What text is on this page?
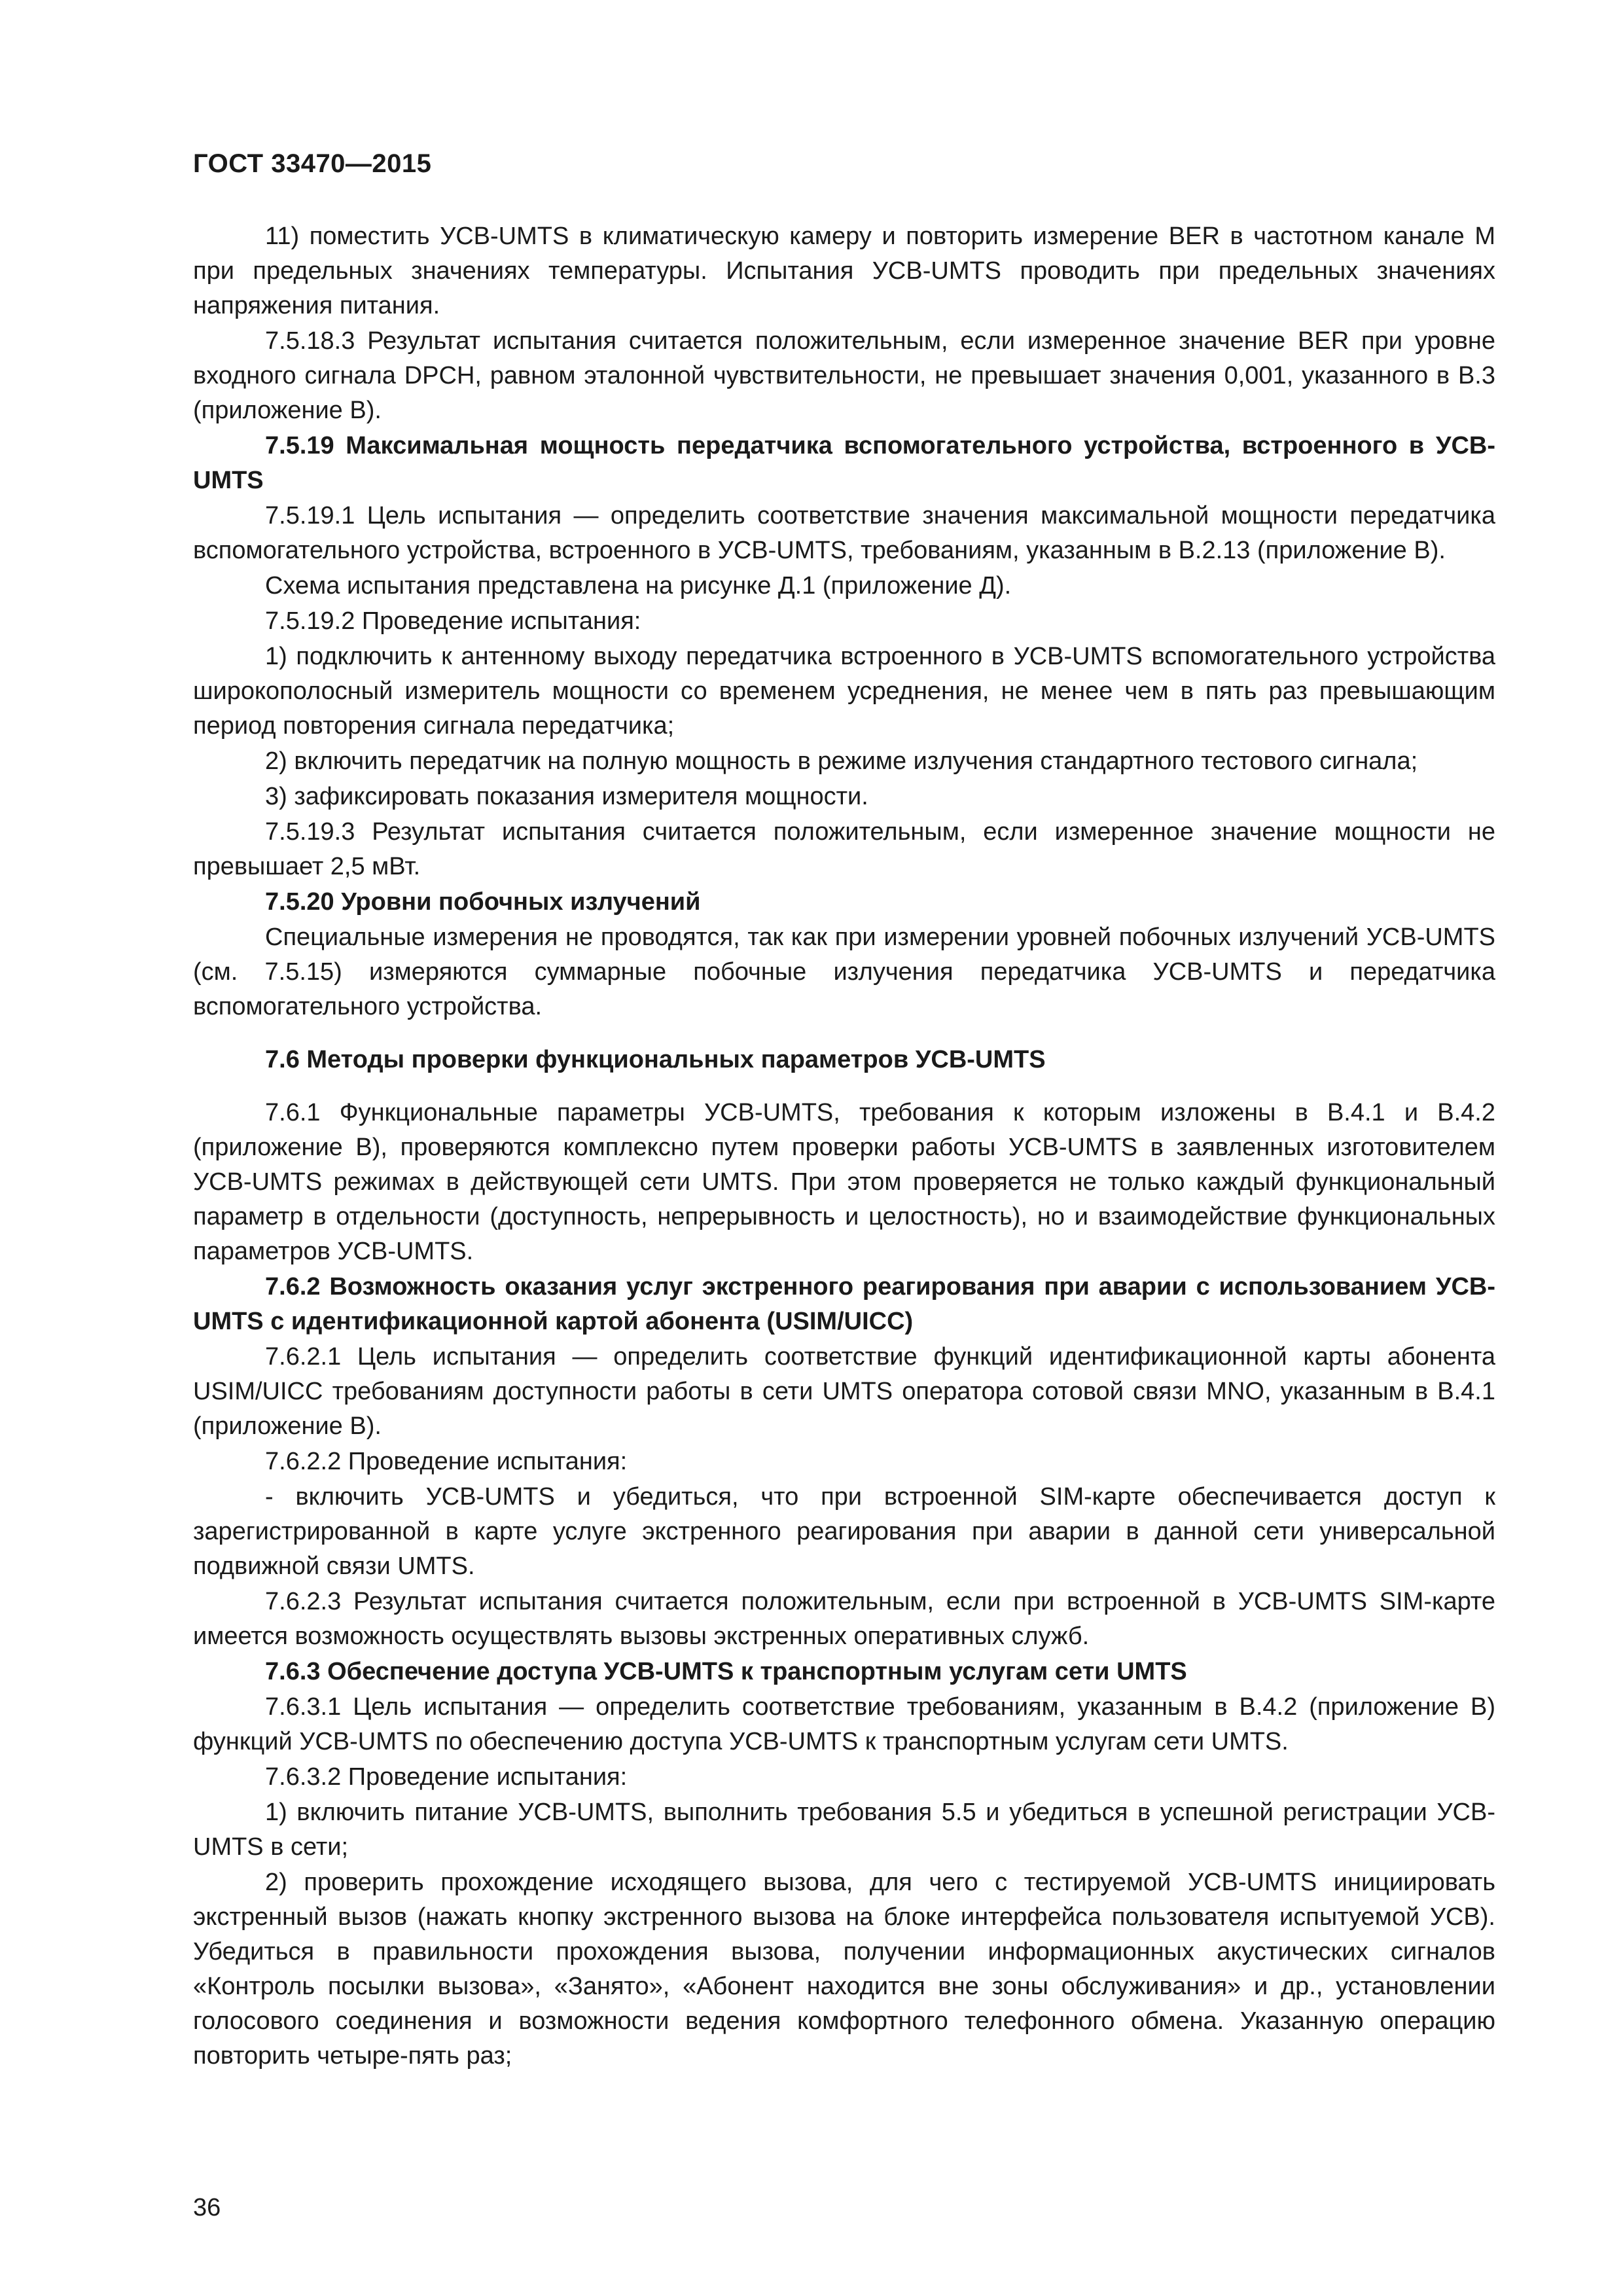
ГОСТ 33470—2015

11) поместить УСВ-UMTS в климатическую камеру и повторить измерение BER в частотном канале М при предельных значениях температуры. Испытания УСВ-UMTS проводить при предельных значениях напряжения питания.

7.5.18.3 Результат испытания считается положительным, если измеренное значение BER при уровне входного сигнала DPCH, равном эталонной чувствительности, не превышает значения 0,001, указанного в В.3 (приложение В).

7.5.19 Максимальная мощность передатчика вспомогательного устройства, встроенного в УСВ-UMTS

7.5.19.1 Цель испытания — определить соответствие значения максимальной мощности передатчика вспомогательного устройства, встроенного в УСВ-UMTS, требованиям, указанным в В.2.13 (приложение В).

Схема испытания представлена на рисунке Д.1 (приложение Д).

7.5.19.2 Проведение испытания:

1) подключить к антенному выходу передатчика встроенного в УСВ-UMTS вспомогательного устройства широкополосный измеритель мощности со временем усреднения, не менее чем в пять раз превышающим период повторения сигнала передатчика;

2) включить передатчик на полную мощность в режиме излучения стандартного тестового сигнала;

3) зафиксировать показания измерителя мощности.

7.5.19.3 Результат испытания считается положительным, если измеренное значение мощности не превышает 2,5 мВт.

7.5.20 Уровни побочных излучений

Специальные измерения не проводятся, так как при измерении уровней побочных излучений УСВ-UMTS (см. 7.5.15) измеряются суммарные побочные излучения передатчика УСВ-UMTS и передатчика вспомогательного устройства.

7.6 Методы проверки функциональных параметров УСВ-UMTS

7.6.1 Функциональные параметры УСВ-UMTS, требования к которым изложены в В.4.1 и В.4.2 (приложение В), проверяются комплексно путем проверки работы УСВ-UMTS в заявленных изготовителем УСВ-UMTS режимах в действующей сети UMTS. При этом проверяется не только каждый функциональный параметр в отдельности (доступность, непрерывность и целостность), но и взаимодействие функциональных параметров УСВ-UMTS.

7.6.2 Возможность оказания услуг экстренного реагирования при аварии с использованием УСВ-UMTS с идентификационной картой абонента (USIM/UICC)

7.6.2.1 Цель испытания — определить соответствие функций идентификационной карты абонента USIM/UICC требованиям доступности работы в сети UMTS оператора сотовой связи MNO, указанным в В.4.1 (приложение В).

7.6.2.2 Проведение испытания:

- включить УСВ-UMTS и убедиться, что при встроенной SIM-карте обеспечивается доступ к зарегистрированной в карте услуге экстренного реагирования при аварии в данной сети универсальной подвижной связи UMTS.

7.6.2.3 Результат испытания считается положительным, если при встроенной в УСВ-UMTS SIM-карте имеется возможность осуществлять вызовы экстренных оперативных служб.

7.6.3 Обеспечение доступа УСВ-UMTS к транспортным услугам сети UMTS

7.6.3.1 Цель испытания — определить соответствие требованиям, указанным в В.4.2 (приложение В) функций УСВ-UMTS по обеспечению доступа УСВ-UMTS к транспортным услугам сети UMTS.

7.6.3.2 Проведение испытания:

1) включить питание УСВ-UMTS, выполнить требования 5.5 и убедиться в успешной регистрации УСВ-UMTS в сети;

2) проверить прохождение исходящего вызова, для чего с тестируемой УСВ-UMTS инициировать экстренный вызов (нажать кнопку экстренного вызова на блоке интерфейса пользователя испытуемой УСВ). Убедиться в правильности прохождения вызова, получении информационных акустических сигналов «Контроль посылки вызова», «Занято», «Абонент находится вне зоны обслуживания» и др., установлении голосового соединения и возможности ведения комфортного телефонного обмена. Указанную операцию повторить четыре-пять раз;

36
